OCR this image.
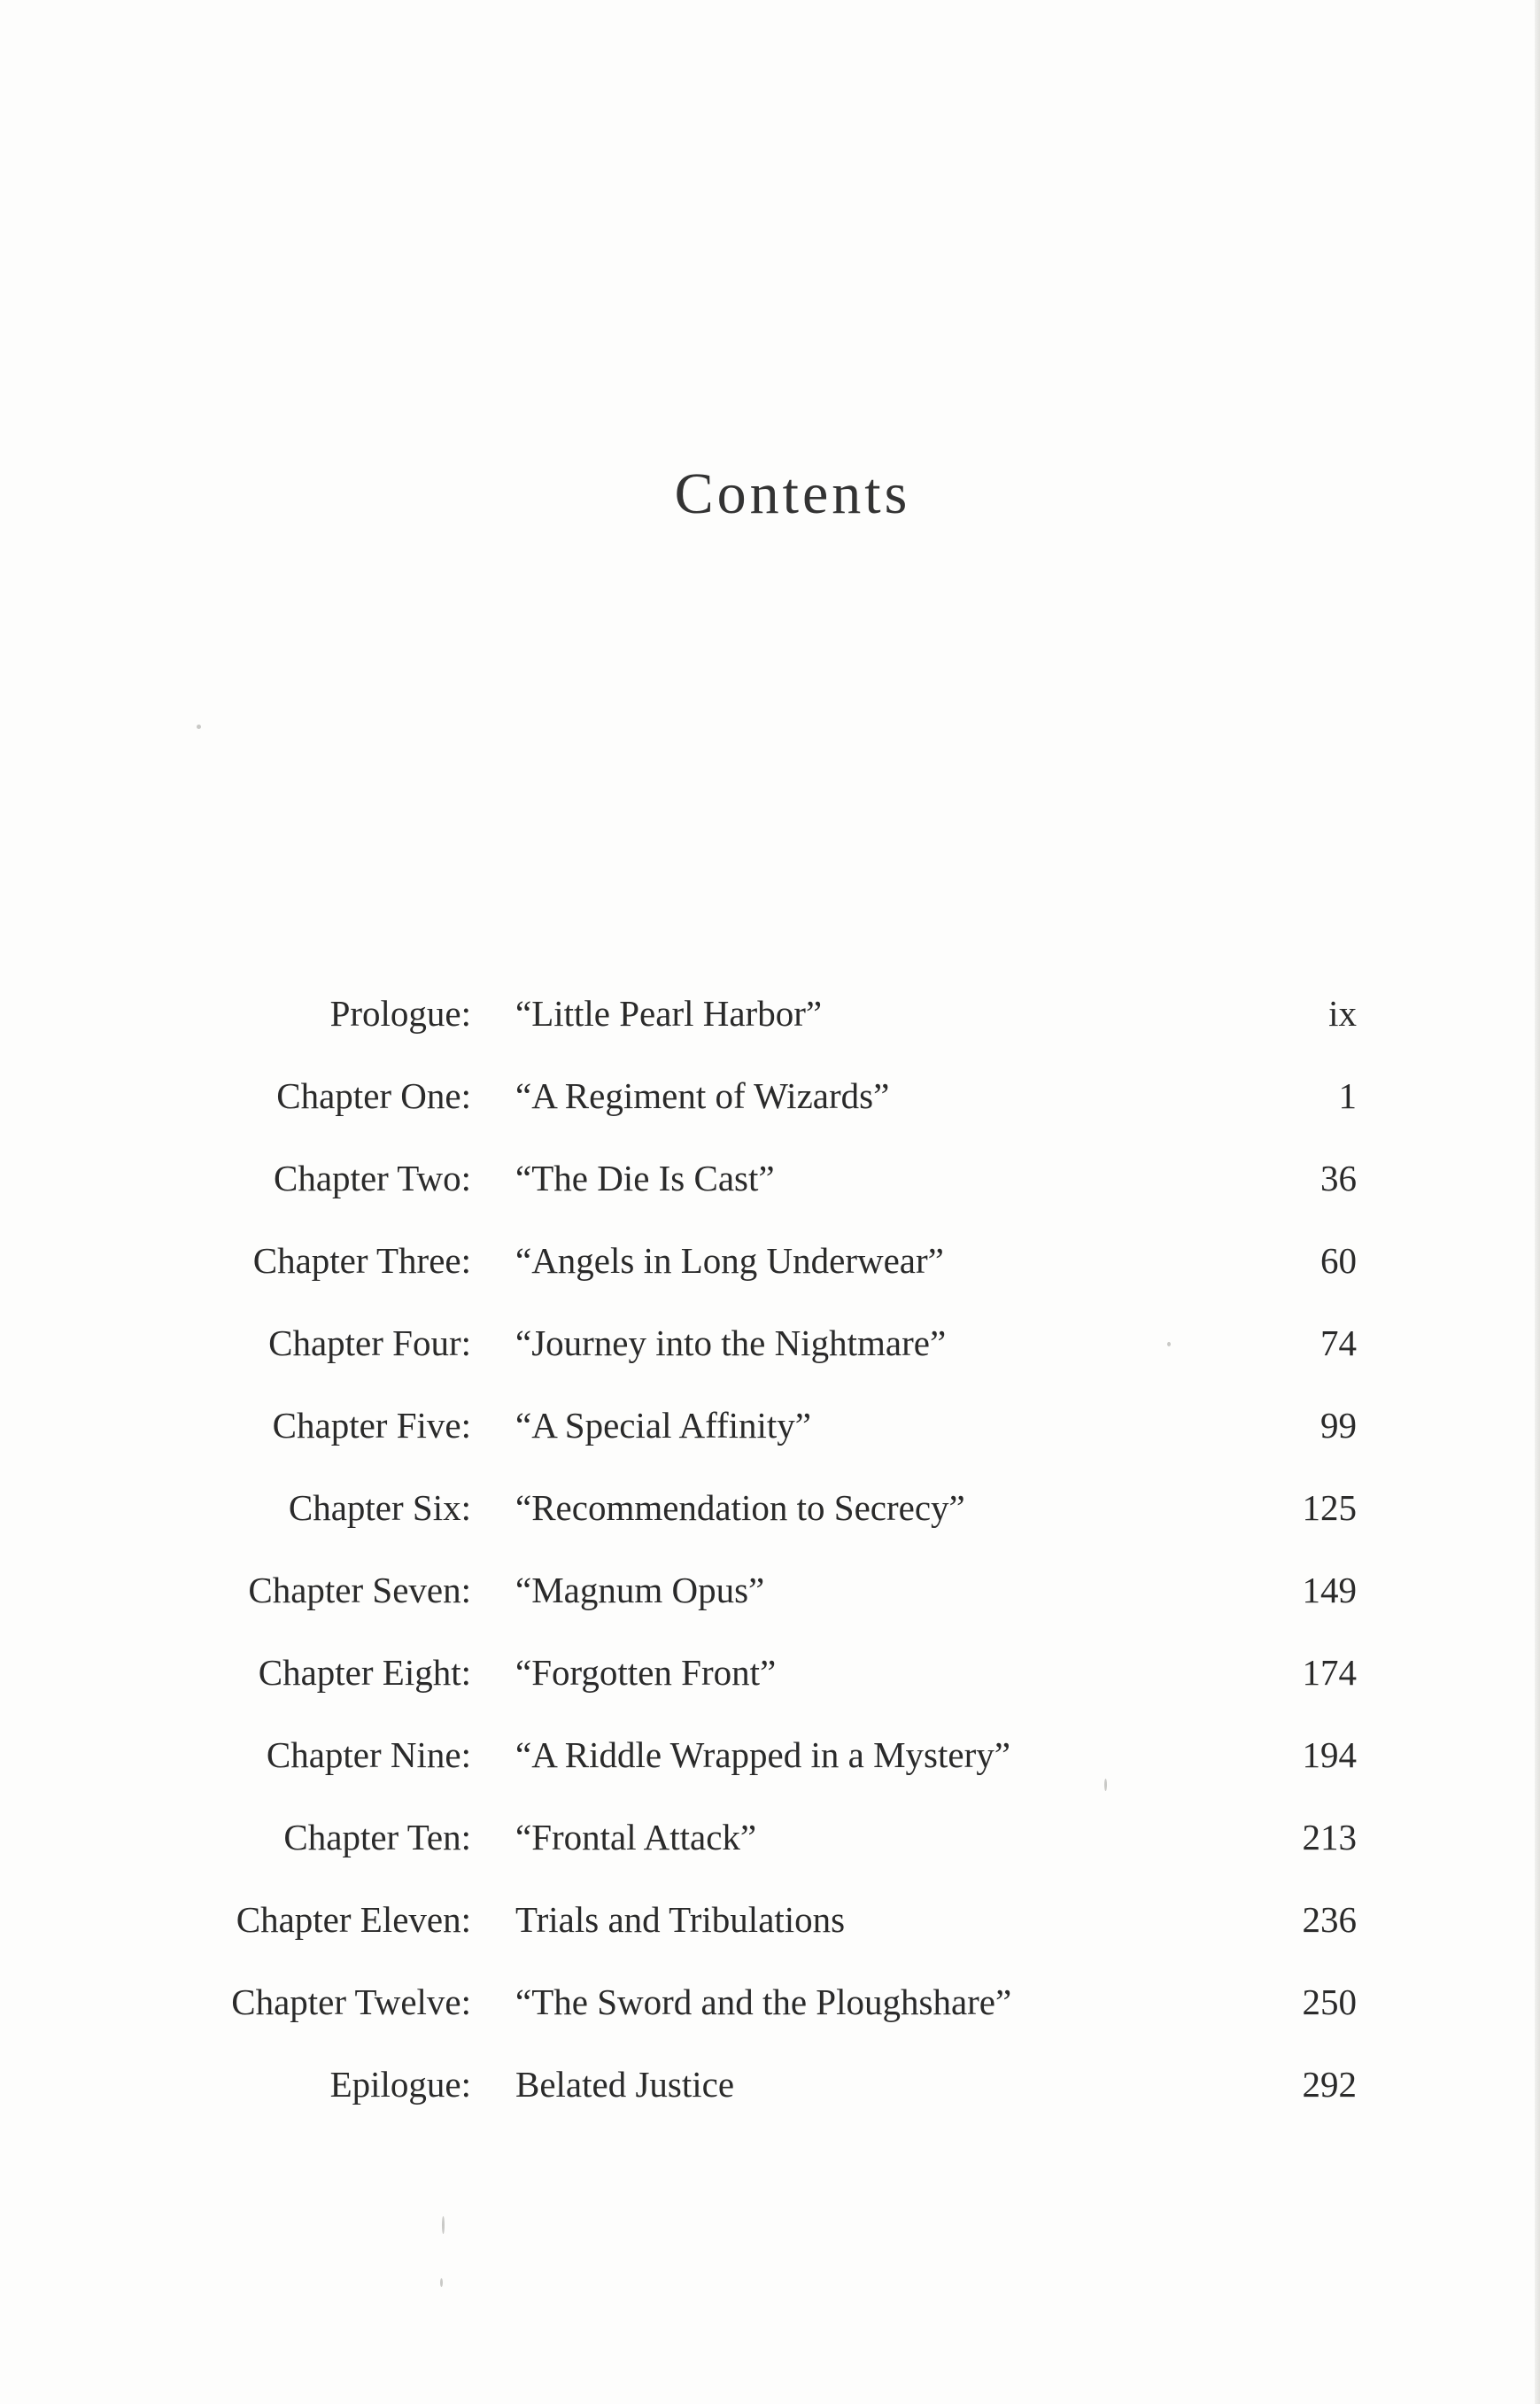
Contents
Prologue: “Little Pearl Harbor”	ix
Chapter One: “A Regiment of Wizards”	1
Chapter Two: “The Die Is Cast”	36
Chapter Three: “Angels in Long Underwear”	60
Chapter Four: “Journey into the Nightmare”	74
Chapter Five: “A Special Affinity”	99
Chapter Six: “Recommendation to Secrecy”	125
Chapter Seven: “Magnum Opus”	149
Chapter Eight: “Forgotten Front”	174
Chapter Nine: “A Riddle Wrapped in a Mystery”	194
Chapter Ten: “Frontal Attack”	213
Chapter Eleven: Trials and Tribulations	236
Chapter Twelve: “The Sword and the Ploughshare”	250
Epilogue: Belated Justice	292
